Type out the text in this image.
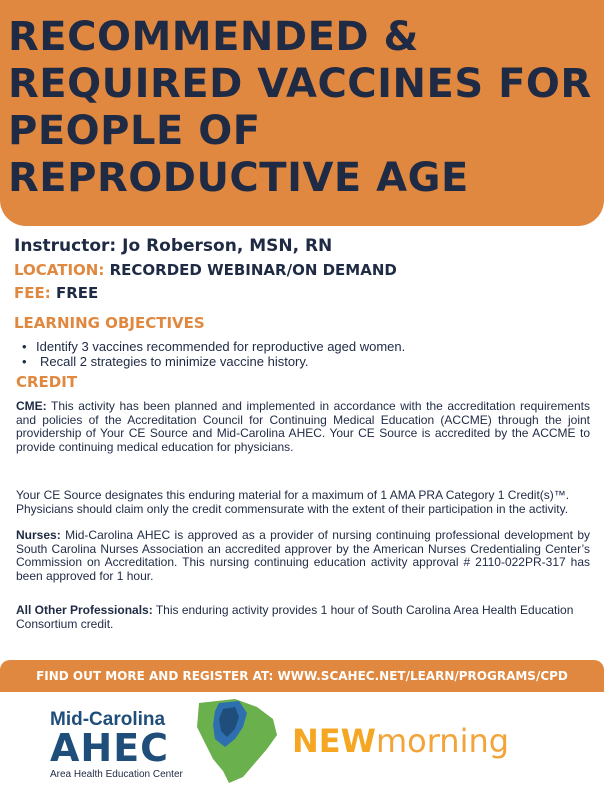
RECOMMENDED & REQUIRED VACCINES FOR PEOPLE OF REPRODUCTIVE AGE
Instructor: Jo Roberson, MSN, RN
LOCATION: RECORDED WEBINAR/ON DEMAND
FEE: FREE
LEARNING OBJECTIVES
• Identify 3 vaccines recommended for reproductive aged women.
• Recall 2 strategies to minimize vaccine history.
CREDIT

CME: This activity has been planned and implemented in accordance with the accreditation requirements and policies of the Accreditation Council for Continuing Medical Education (ACCME) through the joint providership of Your CE Source and Mid-Carolina AHEC. Your CE Source is accredited by the ACCME to provide continuing medical education for physicians.

Your CE Source designates this enduring material for a maximum of 1 AMA PRA Category 1 Credit(s)™. Physicians should claim only the credit commensurate with the extent of their participation in the activity.

Nurses: Mid-Carolina AHEC is approved as a provider of nursing continuing professional development by South Carolina Nurses Association an accredited approver by the American Nurses Credentialing Center’s Commission on Accreditation. This nursing continuing education activity approval # 2110-022PR-317 has been approved for 1 hour.

All Other Professionals: This enduring activity provides 1 hour of South Carolina Area Health Education Consortium credit.

FIND OUT MORE AND REGISTER AT: WWW.SCAHEC.NET/LEARN/PROGRAMS/CPD
Mid-Carolina
AHEC
Area Health Education Center
NEWmorning
